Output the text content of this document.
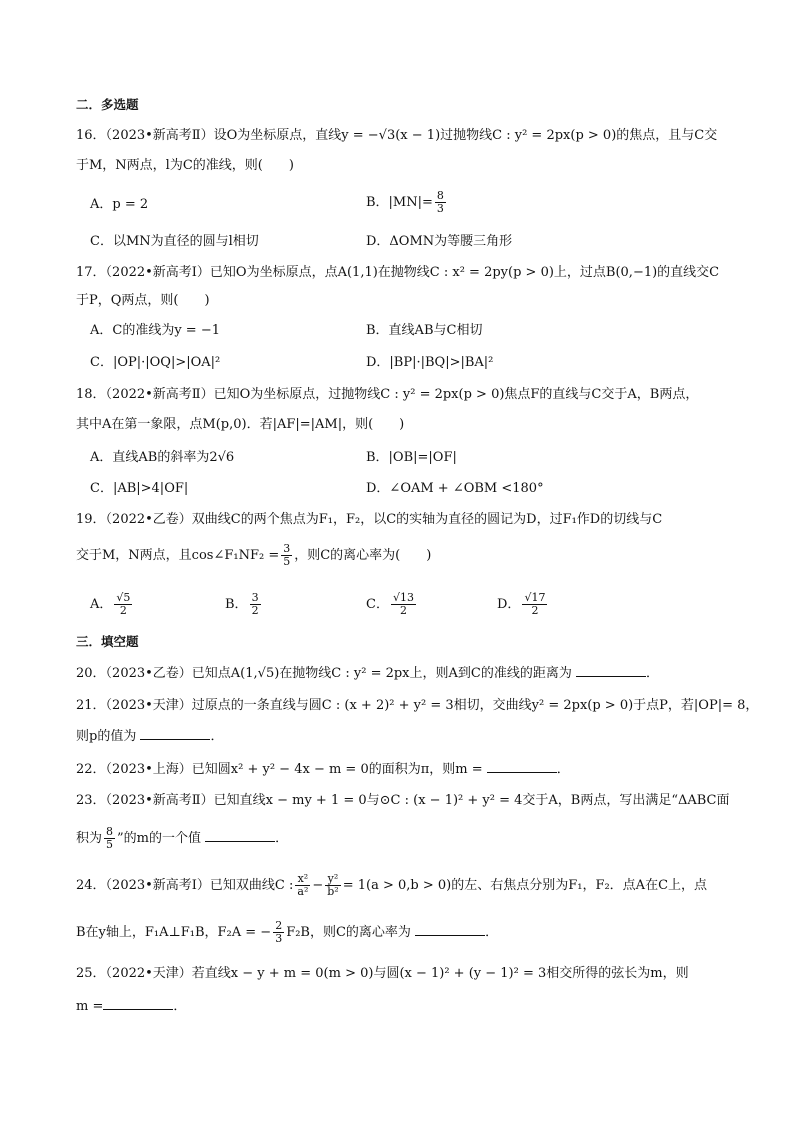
二．多选题
16．（2023•新高考Ⅱ）设O为坐标原点，直线y = −√3(x − 1)过抛物线C : y² = 2px(p > 0)的焦点，且与C交
于M，N两点，l为C的准线，则(　　)
A．p = 2	B．$|MN|= \frac{8}{3}$
C．以MN为直径的圆与l相切	D．ΔOMN为等腰三角形
17．（2022•新高考Ⅰ）已知O为坐标原点，点A(1,1)在抛物线C : x² = 2py(p > 0)上，过点B(0,−1)的直线交C
于P，Q两点，则(　　)
A．C的准线为y = −1	B．直线AB与C相切
C．|OP|·|OQ|>|OA|²	D．|BP|·|BQ|>|BA|²
18．（2022•新高考Ⅱ）已知O为坐标原点，过抛物线C : y² = 2px(p > 0)焦点F的直线与C交于A，B两点，
其中A在第一象限，点M(p,0)．若|AF|=|AM|，则(　　)
A．直线AB的斜率为2√6	B．|OB|=|OF|
C．|AB|>4|OF|	D．∠OAM + ∠OBM <180°
19．（2022•乙卷）双曲线C的两个焦点为F₁，F₂，以C的实轴为直径的圆记为D，过F₁作D的切线与C
交于M，N两点，且cos∠F₁NF₂ = $\frac{3}{5}$ ，则C的离心率为(　　)
A． $\frac{√5}{2}$	B． $\frac{3}{2}$	C． $\frac{√13}{2}$	D． $\frac{√17}{2}$
三．填空题
20．（2023•乙卷）已知点A(1,√5)在抛物线C : y² = 2px上，则A到C的准线的距离为	．
21．（2023•天津）过原点的一条直线与圆C : (x + 2)² + y² = 3相切，交曲线y² = 2px(p > 0)于点P，若|OP|= 8，
则p的值为	．
22．（2023•上海）已知圆x² + y² − 4x − m = 0的面积为π，则m =	．
23．（2023•新高考Ⅱ）已知直线x − my + 1 = 0与⊙C : (x − 1)² + y² = 4交于A，B两点，写出满足“ΔABC面
积为 $\frac{8}{5}$ ”的m的一个值	．
24．（2023•新高考Ⅰ）已知双曲线C : $\frac{\text{x²}}{\text{a²}} - \frac{\text{y²}}{\text{b²}} = 1(a > 0,b > 0)$的左、右焦点分别为F₁，F₂．点A在C上，点
B在y轴上，F₁A⊥F₁B，F₂A = − $\frac{2}{3} F_2B$，则C的离心率为	．
25．（2022•天津）若直线x − y + m = 0(m > 0)与圆(x − 1)² + (y − 1)² = 3相交所得的弦长为m，则
m =	．
